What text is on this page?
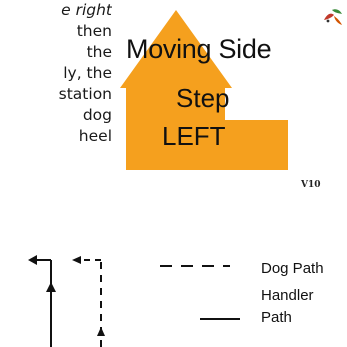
e right
then
the
ly, the
station
dog
heel
Moving Side
Step
LEFT
V10
Dog Path
Handler
Path
